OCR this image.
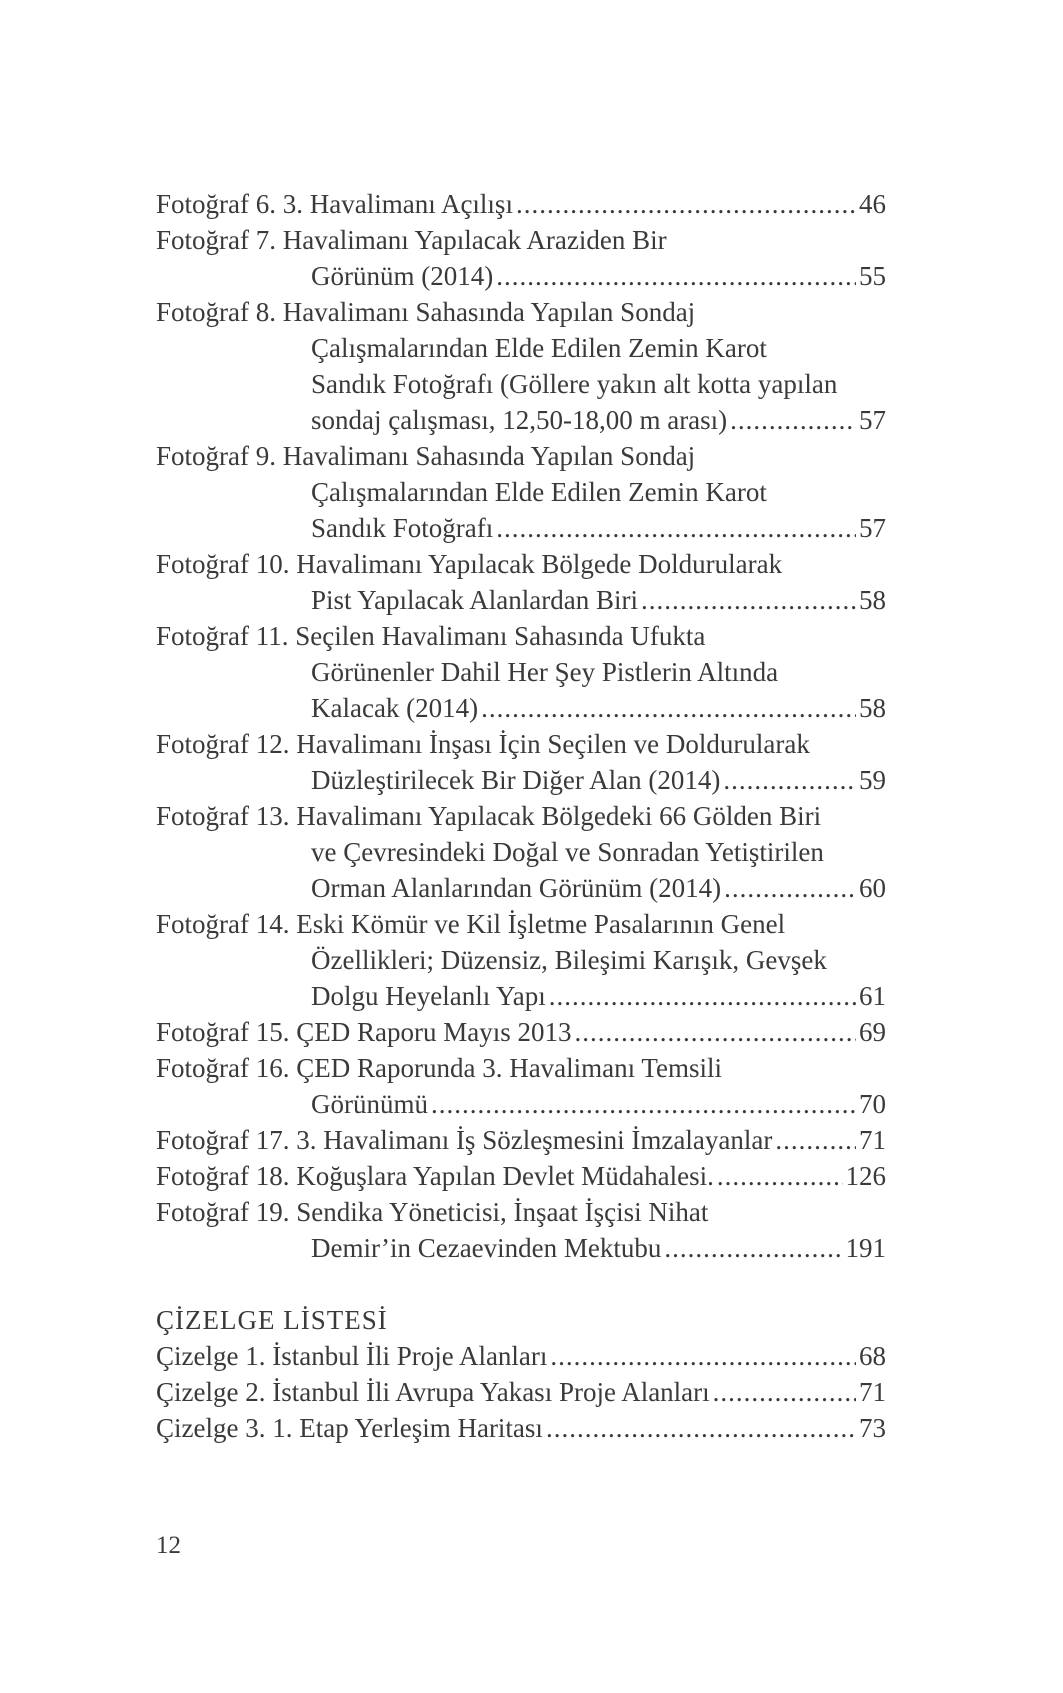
Fotoğraf 6. 3. Havalimanı Açılışı .....	46
Fotoğraf 7. Havalimanı Yapılacak Araziden Bir
Görünüm (2014) .....	55
Fotoğraf 8. Havalimanı Sahasında Yapılan Sondaj
Çalışmalarından Elde Edilen Zemin Karot
Sandık Fotoğrafı (Göllere yakın alt kotta yapılan
sondaj çalışması, 12,50-18,00 m arası) .....	57
Fotoğraf 9. Havalimanı Sahasında Yapılan Sondaj
Çalışmalarından Elde Edilen Zemin Karot
Sandık Fotoğrafı .....	57
Fotoğraf 10. Havalimanı Yapılacak Bölgede Doldurularak
Pist Yapılacak Alanlardan Biri .....	58
Fotoğraf 11. Seçilen Havalimanı Sahasında Ufukta
Görünenler Dahil Her Şey Pistlerin Altında
Kalacak (2014) .....	58
Fotoğraf 12. Havalimanı İnşası İçin Seçilen ve Doldurularak
Düzleştirilecek Bir Diğer Alan (2014) .....	59
Fotoğraf 13. Havalimanı Yapılacak Bölgedeki 66 Gölden Biri
ve Çevresindeki Doğal ve Sonradan Yetiştirilen
Orman Alanlarından Görünüm (2014) .....	60
Fotoğraf 14. Eski Kömür ve Kil İşletme Pasalarının Genel
Özellikleri; Düzensiz, Bileşimi Karışık, Gevşek
Dolgu Heyelanlı Yapı .....	61
Fotoğraf 15. ÇED Raporu Mayıs 2013 .....	69
Fotoğraf 16. ÇED Raporunda 3. Havalimanı Temsili
Görünümü .....	70
Fotoğraf 17. 3. Havalimanı İş Sözleşmesini İmzalayanlar .....	71
Fotoğraf 18. Koğuşlara Yapılan Devlet Müdahalesi. .....	126
Fotoğraf 19. Sendika Yöneticisi, İnşaat İşçisi Nihat
Demir’in Cezaevinden Mektubu .....	191
ÇİZELGE LİSTESİ
Çizelge 1. İstanbul İli Proje Alanları .....	68
Çizelge 2. İstanbul İli Avrupa Yakası Proje Alanları .....	71
Çizelge 3. 1. Etap Yerleşim Haritası .....	73
12
